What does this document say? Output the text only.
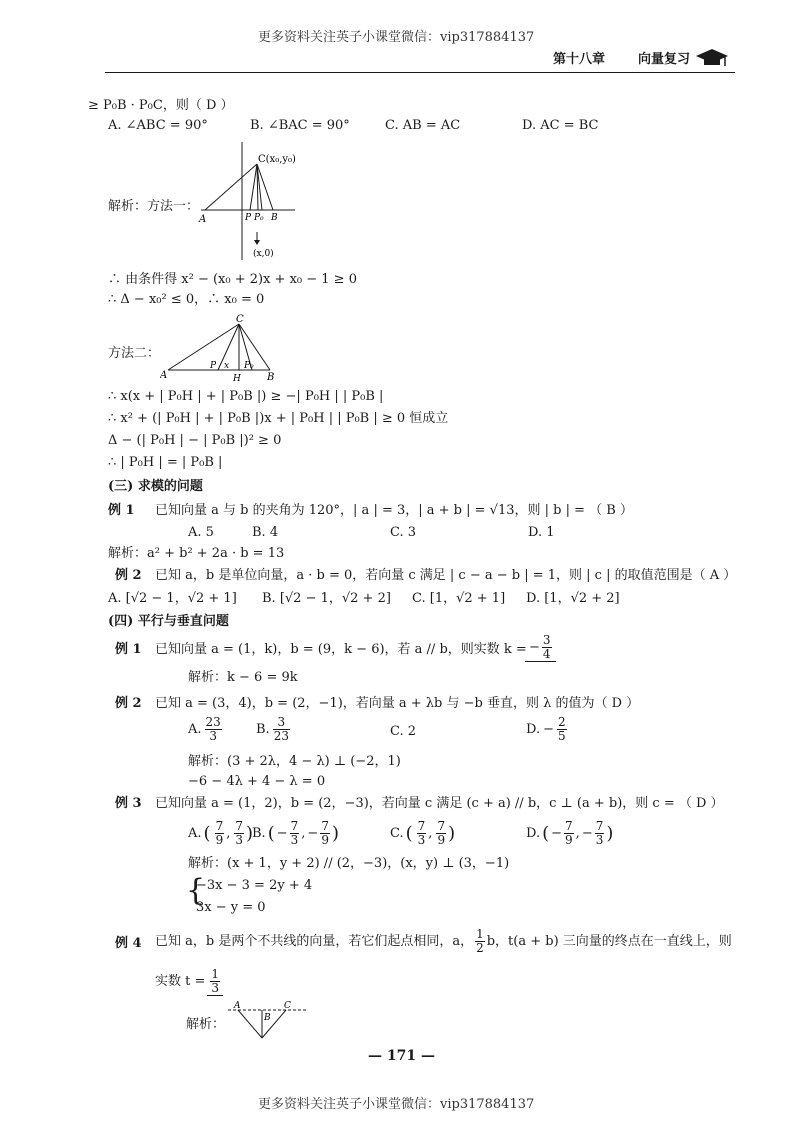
更多资料关注英子小课堂微信：vip317884137
第十八章	向量复习
≥ P₀B · P₀C，则（ D ）
A. ∠ABC = 90°	B. ∠BAC = 90°	C. AB = AC	D. AC = BC
解析：方法一：
C(x₀,y₀)
A	P P₀ B
(x,0)
∴ 由条件得 x² − (x₀ + 2)x + x₀ − 1 ≥ 0
∴ Δ − x₀² ≤ 0，∴ x₀ = 0
方法二：
C
A
P x P₀
H	B
∴ x(x + | P₀H | + | P₀B |) ≥ −| P₀H | | P₀B |
∴ x² + (| P₀H | + | P₀B |)x + | P₀H | | P₀B | ≥ 0 恒成立
Δ − (| P₀H | − | P₀B |)² ≥ 0
∴ | P₀H | = | P₀B |
(三) 求模的问题
例 1 已知向量 a 与 b 的夹角为 120°，| a | = 3，| a + b | = √13，则 | b | = （ B ）
A. 5	B. 4	C. 3	D. 1
解析：a² + b² + 2a · b = 13
例 2 已知 a，b 是单位向量，a · b = 0，若向量 c 满足 | c − a − b | = 1，则 | c | 的取值范围是（ A ）
A. [√2 − 1，√2 + 1] B. [√2 − 1，√2 + 2] C. [1，√2 + 1] D. [1，√2 + 2]
(四) 平行与垂直问题
例 1 已知向量 a = (1，k)，b = (9，k − 6)，若 a // b，则实数 k = − $\frac{3}{4}$
解析：k − 6 = 9k
例 2 已知 a = (3，4)，b = (2，−1)，若向量 a + λb 与 −b 垂直，则 λ 的值为（ D ）
A. $\frac{23}{3}$	B. $\frac{3}{23}$	C. 2	D. − $\frac{2}{5}$
解析：(3 + 2λ，4 − λ) ⊥ (−2，1)
−6 − 4λ + 4 − λ = 0
例 3 已知向量 a = (1，2)，b = (2，−3)，若向量 c 满足 (c + a) // b，c ⊥ (a + b)，则 c = （ D ）
A. ( $\frac{7}{9}$ , $\frac{7}{3}$ )
B. ( − $\frac{7}{3}$ , − $\frac{7}{9}$ )	C. ( $\frac{7}{3}$ , $\frac{7}{9}$ )	D. ( − $\frac{7}{9}$ , − $\frac{7}{3}$ )
解析：(x + 1，y + 2) // (2，−3)，(x，y) ⊥ (3，−1)
{
−3x − 3 = 2y + 4
3x − y = 0
例 4 已知 a，b 是两个不共线的向量，若它们起点相同，a， $\frac{1}{2}$ b，t(a + b) 三向量的终点在一直线上，则
实数 $t = \frac{1}{3}$
解析：
A
B
C
— 171 —
更多资料关注英子小课堂微信：vip317884137
